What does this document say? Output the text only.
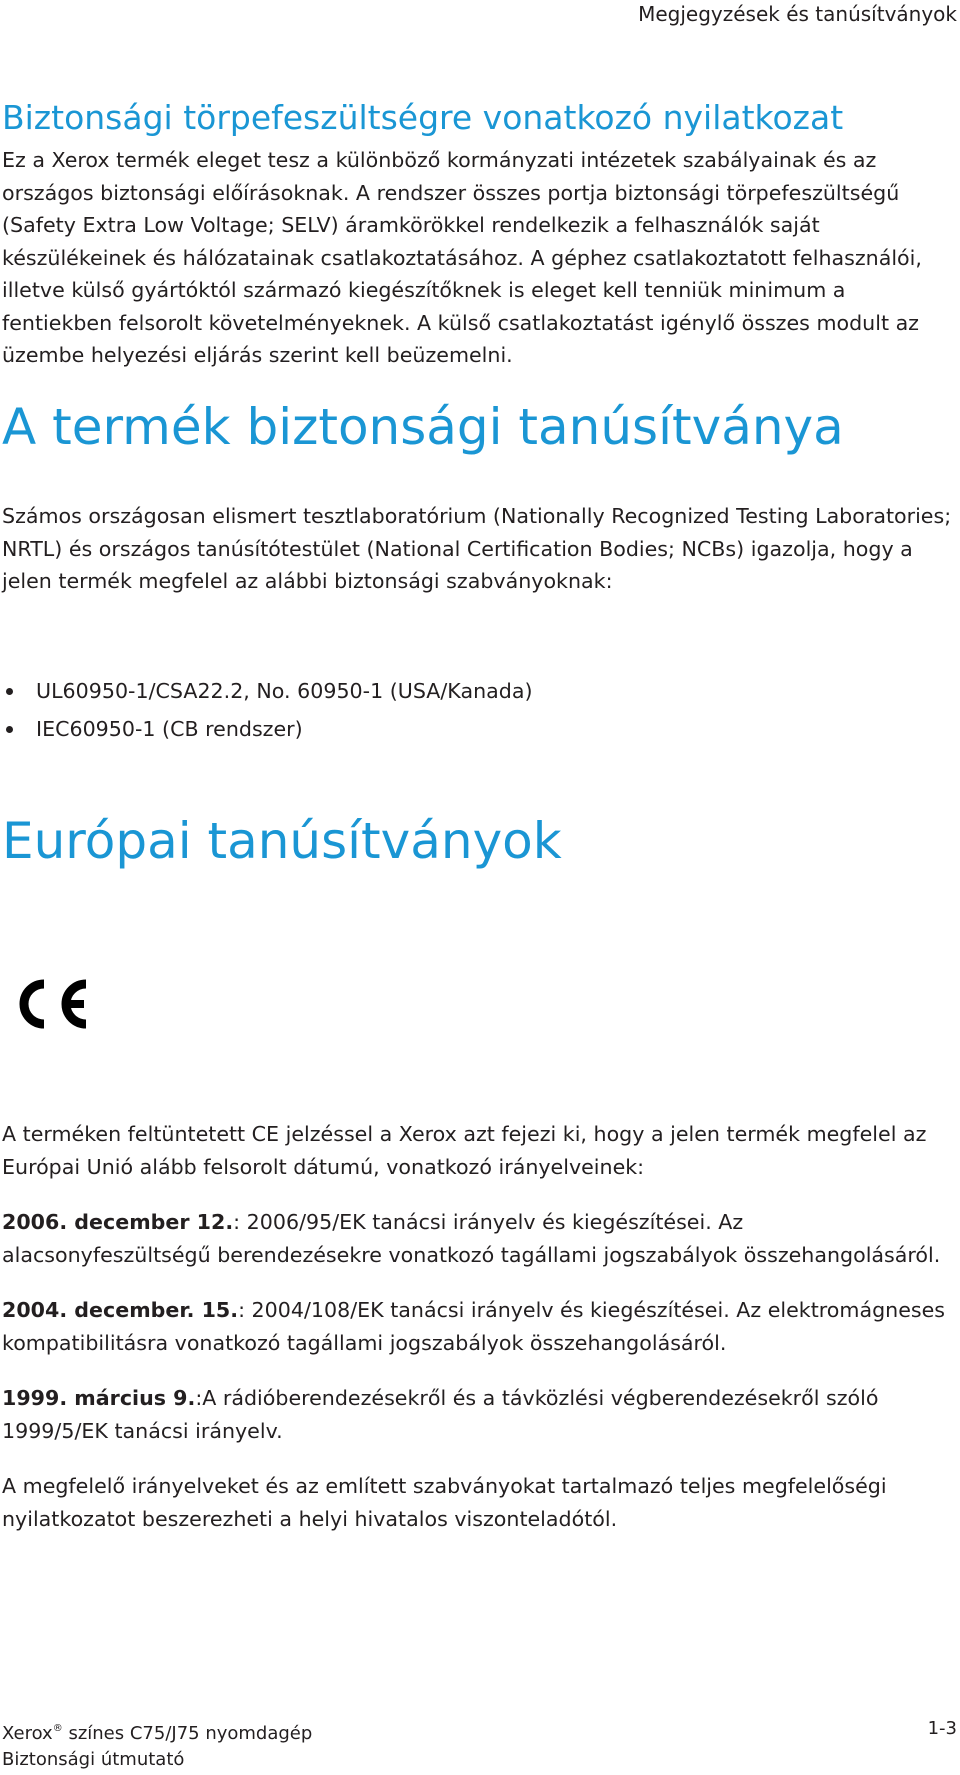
Megjegyzések és tanúsítványok
Biztonsági törpefeszültségre vonatkozó nyilatkozat

Ez a Xerox termék eleget tesz a különböző kormányzati intézetek szabályainak és az országos biztonsági előírásoknak. A rendszer összes portja biztonsági törpefeszültségű (Safety Extra Low Voltage; SELV) áramkörökkel rendelkezik a felhasználók saját készülékeinek és hálózatainak csatlakoztatásához. A géphez csatlakoztatott felhasználói, illetve külső gyártóktól származó kiegészítőknek is eleget kell tenniük minimum a fentiekben felsorolt követelményeknek. A külső csatlakoztatást igénylő összes modult az üzembe helyezési eljárás szerint kell beüzemelni.

A termék biztonsági tanúsítványa

Számos országosan elismert tesztlaboratórium (Nationally Recognized Testing Laboratories; NRTL) és országos tanúsítótestület (National Certification Bodies; NCBs) igazolja, hogy a jelen termék megfelel az alábbi biztonsági szabványoknak:

UL60950-1/CSA22.2, No. 60950-1 (USA/Kanada)
IEC60950-1 (CB rendszer)
Európai tanúsítványok

A terméken feltüntetett CE jelzéssel a Xerox azt fejezi ki, hogy a jelen termék megfelel az Európai Unió alább felsorolt dátumú, vonatkozó irányelveinek:

2006. december 12.: 2006/95/EK tanácsi irányelv és kiegészítései. Az alacsonyfeszültségű berendezésekre vonatkozó tagállami jogszabályok összehangolásáról.

2004. december. 15.: 2004/108/EK tanácsi irányelv és kiegészítései. Az elektromágneses kompatibilitásra vonatkozó tagállami jogszabályok összehangolásáról.

1999. március 9.:A rádióberendezésekről és a távközlési végberendezésekről szóló 1999/5/EK tanácsi irányelv.

A megfelelő irányelveket és az említett szabványokat tartalmazó teljes megfelelőségi nyilatkozatot beszerezheti a helyi hivatalos viszonteladótól.

Xerox® színes C75/J75 nyomdagép
Biztonsági útmutató
1-3
